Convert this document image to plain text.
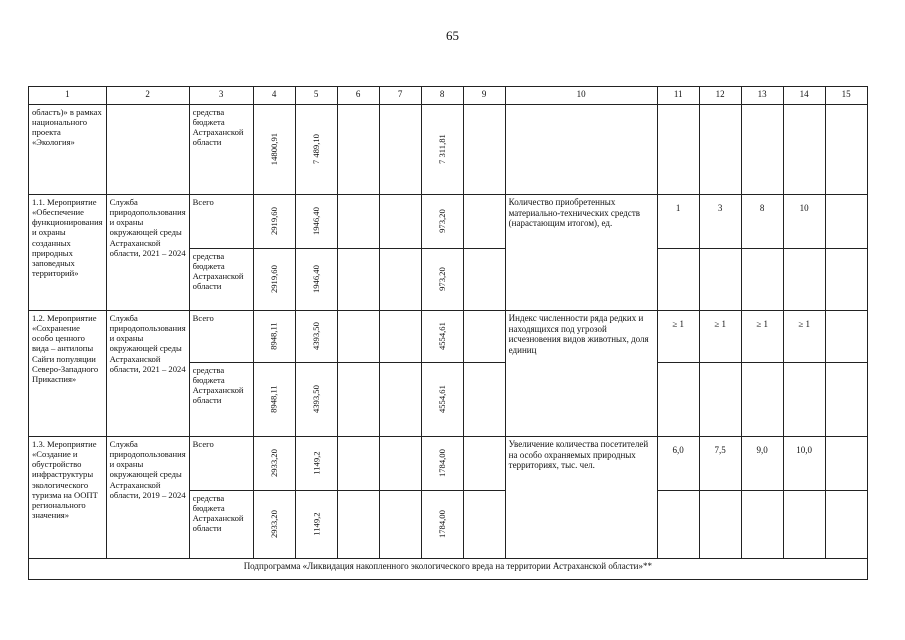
65
1	2	3	4	5	6	7	8	9	10	11	12	13	14	15
областъ)» в рамках национального проекта «Экология»		средства бюджета Астраханской области	14800,91	7 489,10			7 311,81							
1.1. Мероприятие «Обеспечение функционирования и охраны созданных природных заповедных территорий»	Служба природопользования и охраны окружающей среды Астраханской области, 2021 – 2024	Всего	2919,60	1946,40			973,20		Количество приобретенных материально-технических средств (нарастающим итогом), ед.	1	3	8	10	
		средства бюджета Астраханской области	2919,60	1946,40			973,20							
1.2. Мероприятие «Сохранение особо ценного вида – антилопы Сайги популяции Северо-Западного Прикаспия»	Служба природопользования и охраны окружающей среды Астраханской области, 2021 – 2024	Всего	8948,11	4393,50			4554,61		Индекс численности ряда редких и находящихся под угрозой исчезновения видов животных, доля единиц	≥ 1	≥ 1	≥ 1	≥ 1	
		средства бюджета Астраханской области	8948,11	4393,50			4554,61							
1.3. Мероприятие «Создание и обустройство инфраструктуры экологического туризма на ООПТ регионального значения»	Служба природопользования и охраны окружающей среды Астраханской области, 2019 – 2024	Всего	2933,20	1149,2			1784,00		Увеличение количества посетителей на особо охраняемых природных территориях, тыс. чел.	6,0	7,5	9,0	10,0	
		средства бюджета Астраханской области	2933,20	1149,2			1784,00							
Подпрограмма «Ликвидация накопленного экологического вреда на территории Астраханской области»**														
